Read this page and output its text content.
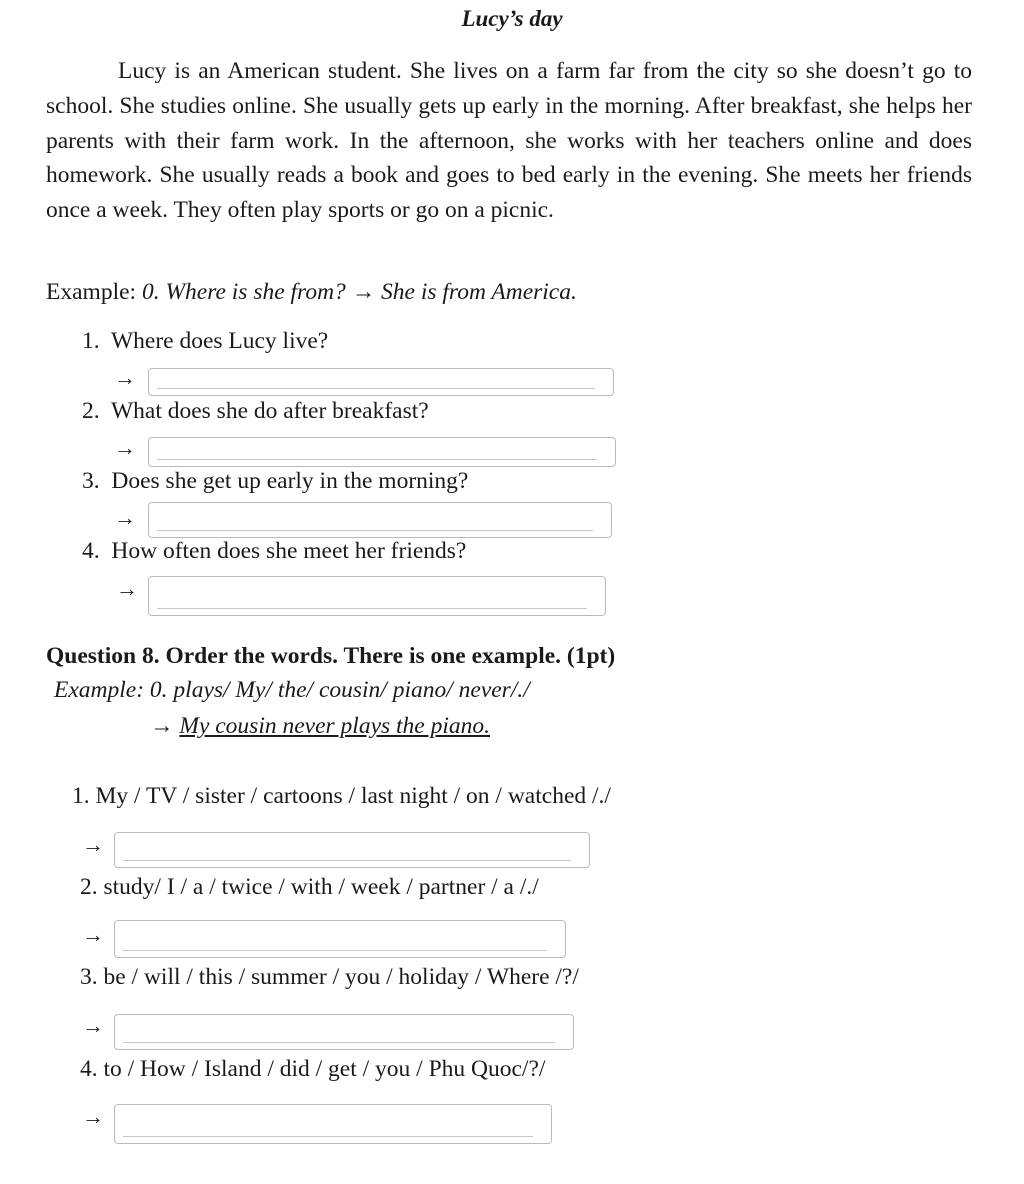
Lucy’s day

Lucy is an American student. She lives on a farm far from the city so she doesn’t go to school. She studies online. She usually gets up early in the morning. After breakfast, she helps her parents with their farm work. In the afternoon, she works with her teachers online and does homework. She usually reads a book and goes to bed early in the evening. She meets her friends once a week. They often play sports or go on a picnic.

Example: 0. Where is she from? → She is from America.
1. Where does Lucy live?
→
2. What does she do after breakfast?
→
3. Does she get up early in the morning?
→
4. How often does she meet her friends?
→
Question 8. Order the words. There is one example. (1pt)
Example: 0. plays/ My/ the/ cousin/ piano/ never/./
→ My cousin never plays the piano.
1. My / TV / sister / cartoons / last night / on / watched /./
→
2. study/ I / a / twice / with / week / partner / a /./
→
3. be / will / this / summer / you / holiday / Where /?/
→
4. to / How / Island / did / get / you / Phu Quoc/?/
→
